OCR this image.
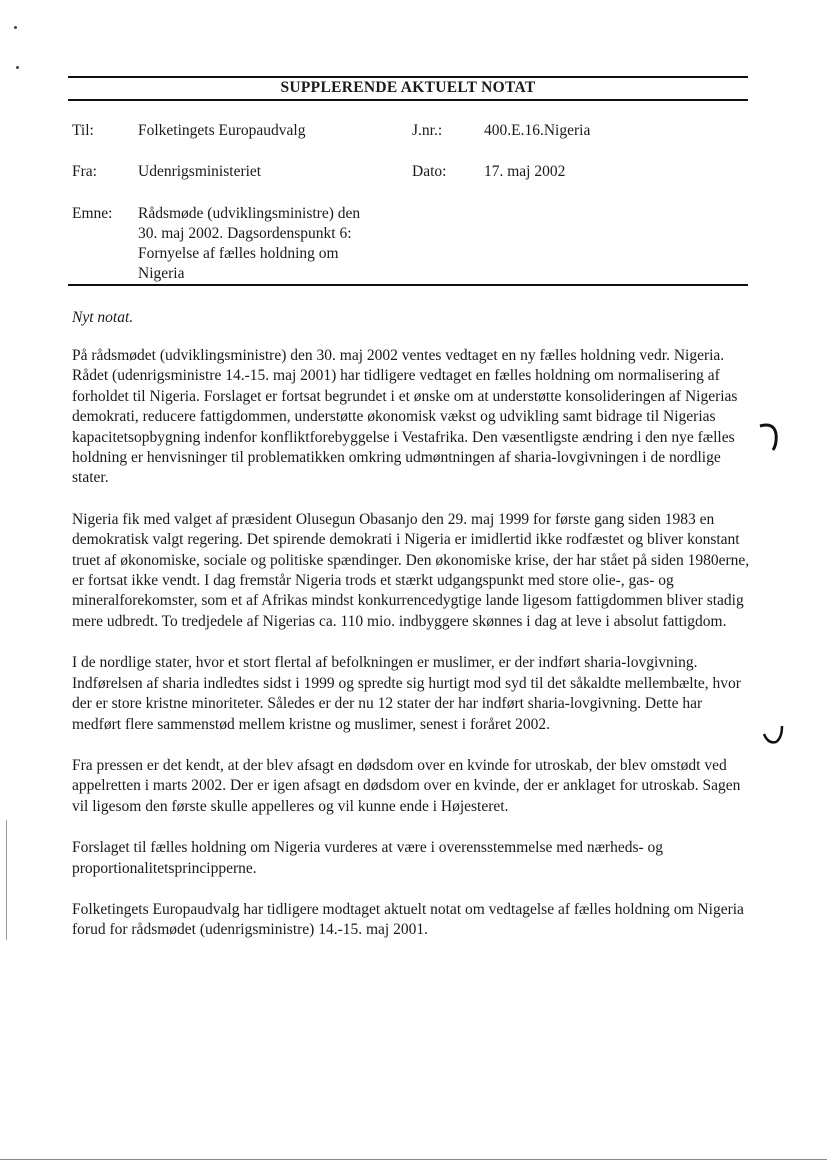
SUPPLERENDE AKTUELT NOTAT
Til:	Folketingets Europaudvalg	J.nr.:	400.E.16.Nigeria
Fra:	Udenrigsministeriet	Dato: 17. maj 2002
Emne: Rådsmøde (udviklingsministre) den
30. maj 2002. Dagsordenspunkt 6:
Fornyelse af fælles holdning om
Nigeria
Nyt notat.

På rådsmødet (udviklingsministre) den 30. maj 2002 ventes vedtaget en ny fælles holdning vedr. Nigeria. Rådet (udenrigsministre 14.-15. maj 2001) har tidligere vedtaget en fælles holdning om normalisering af forholdet til Nigeria. Forslaget er fortsat begrundet i et ønske om at understøtte konsolideringen af Nigerias demokrati, reducere fattigdommen, understøtte økonomisk vækst og udvikling samt bidrage til Nigerias kapacitetsopbygning indenfor konfliktforebyggelse i Vestafrika. Den væsentligste ændring i den nye fælles holdning er henvisninger til problematikken omkring udmøntningen af sharia-lovgivningen i de nordlige stater.

Nigeria fik med valget af præsident Olusegun Obasanjo den 29. maj 1999 for første gang siden 1983 en demokratisk valgt regering. Det spirende demokrati i Nigeria er imidlertid ikke rodfæstet og bliver konstant truet af økonomiske, sociale og politiske spændinger. Den økonomiske krise, der har stået på siden 1980erne, er fortsat ikke vendt. I dag fremstår Nigeria trods et stærkt udgangspunkt med store olie-, gas- og mineralforekomster, som et af Afrikas mindst konkurrencedygtige lande ligesom fattigdommen bliver stadig mere udbredt. To tredjedele af Nigerias ca. 110 mio. indbyggere skønnes i dag at leve i absolut fattigdom.

I de nordlige stater, hvor et stort flertal af befolkningen er muslimer, er der indført sharia-lovgivning. Indførelsen af sharia indledtes sidst i 1999 og spredte sig hurtigt mod syd til det såkaldte mellembælte, hvor der er store kristne minoriteter. Således er der nu 12 stater der har indført sharia-lovgivning. Dette har medført flere sammenstød mellem kristne og muslimer, senest i foråret 2002.

Fra pressen er det kendt, at der blev afsagt en dødsdom over en kvinde for utroskab, der blev omstødt ved appelretten i marts 2002. Der er igen afsagt en dødsdom over en kvinde, der er anklaget for utroskab. Sagen vil ligesom den første skulle appelleres og vil kunne ende i Højesteret.

Forslaget til fælles holdning om Nigeria vurderes at være i overensstemmelse med nærheds- og proportionalitetsprincipperne.

Folketingets Europaudvalg har tidligere modtaget aktuelt notat om vedtagelse af fælles holdning om Nigeria forud for rådsmødet (udenrigsministre) 14.-15. maj 2001.
